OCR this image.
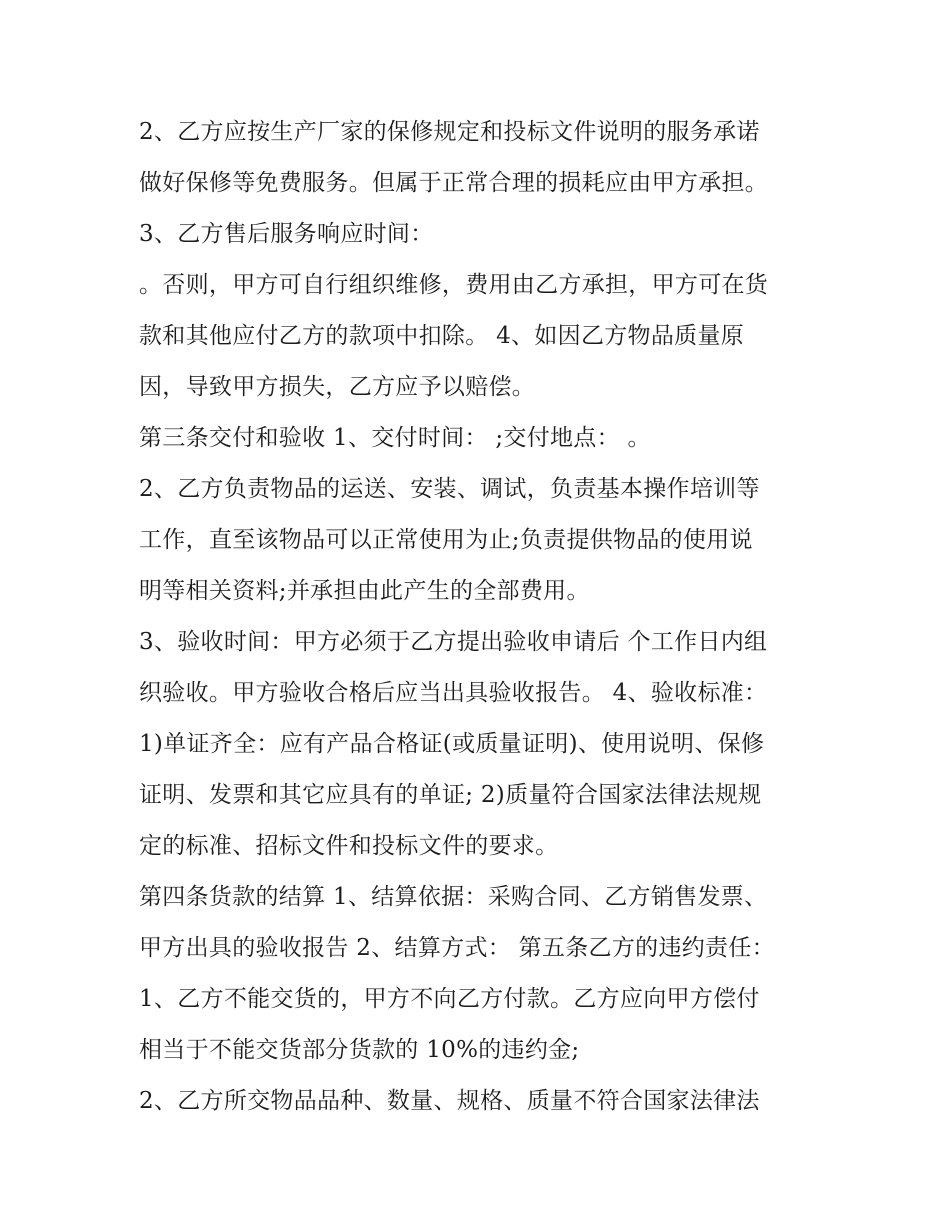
2、乙方应按生产厂家的保修规定和投标文件说明的服务承诺
做好保修等免费服务。但属于正常合理的损耗应由甲方承担。
3、乙方售后服务响应时间：
。否则，甲方可自行组织维修，费用由乙方承担，甲方可在货
款和其他应付乙方的款项中扣除。 4、如因乙方物品质量原
因，导致甲方损失，乙方应予以赔偿。
第三条交付和验收 1、交付时间： ;交付地点： 。
2、乙方负责物品的运送、安装、调试，负责基本操作培训等
工作，直至该物品可以正常使用为止;负责提供物品的使用说
明等相关资料;并承担由此产生的全部费用。
3、验收时间：甲方必须于乙方提出验收申请后 个工作日内组
织验收。甲方验收合格后应当出具验收报告。 4、验收标准：
1)单证齐全：应有产品合格证(或质量证明)、使用说明、保修
证明、发票和其它应具有的单证; 2)质量符合国家法律法规规
定的标准、招标文件和投标文件的要求。
第四条货款的结算 1、结算依据：采购合同、乙方销售发票、
甲方出具的验收报告 2、结算方式： 第五条乙方的违约责任：
1、乙方不能交货的，甲方不向乙方付款。乙方应向甲方偿付
相当于不能交货部分货款的 10%的违约金;
2、乙方所交物品品种、数量、规格、质量不符合国家法律法
